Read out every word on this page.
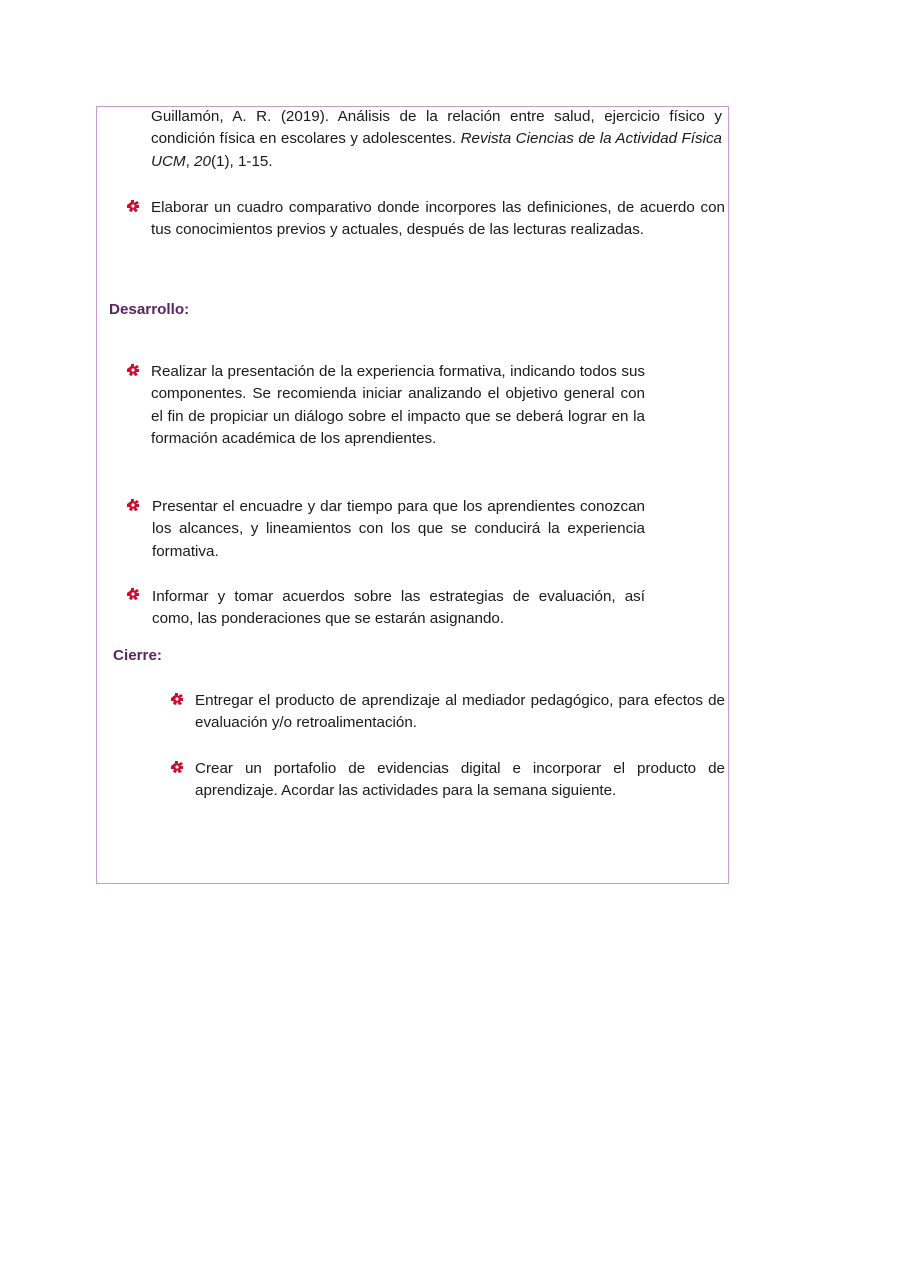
Guillamón, A. R. (2019). Análisis de la relación entre salud, ejercicio físico y condición física en escolares y adolescentes. Revista Ciencias de la Actividad Física UCM, 20(1), 1-15.

Elaborar un cuadro comparativo donde incorpores las definiciones, de acuerdo con tus conocimientos previos y actuales, después de las lecturas realizadas.

Desarrollo:

Realizar la presentación de la experiencia formativa, indicando todos sus componentes. Se recomienda iniciar analizando el objetivo general con el fin de propiciar un diálogo sobre el impacto que se deberá lograr en la formación académica de los aprendientes.

Presentar el encuadre y dar tiempo para que los aprendientes conozcan los alcances, y lineamientos con los que se conducirá la experiencia formativa.

Informar y tomar acuerdos sobre las estrategias de evaluación, así como, las ponderaciones que se estarán asignando.

Cierre:

Entregar el producto de aprendizaje al mediador pedagógico, para efectos de evaluación y/o retroalimentación.

Crear un portafolio de evidencias digital e incorporar el producto de aprendizaje. Acordar las actividades para la semana siguiente.
